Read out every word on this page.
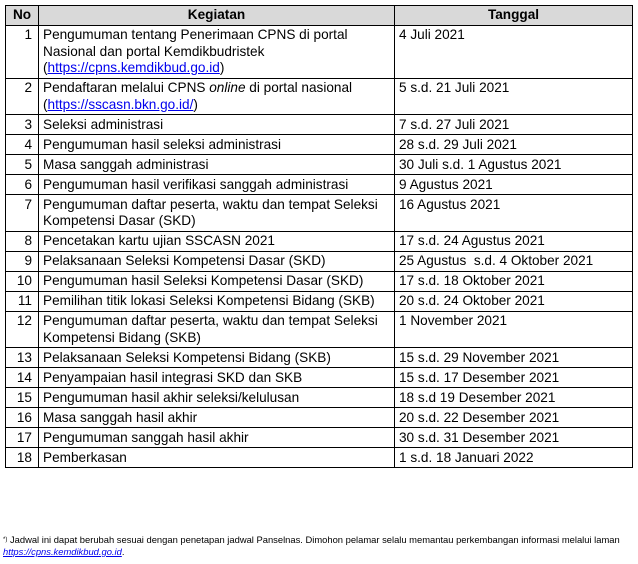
No	Kegiatan	Tanggal
1	Pengumuman tentang Penerimaan CPNS di portal Nasional dan portal Kemdikbudristek (https://cpns.kemdikbud.go.id)	4 Juli 2021
2	Pendaftaran melalui CPNS online di portal nasional (https://sscasn.bkn.go.id/)	5 s.d. 21 Juli 2021
3	Seleksi administrasi	7 s.d. 27 Juli 2021
4	Pengumuman hasil seleksi administrasi	28 s.d. 29 Juli 2021
5	Masa sanggah administrasi	30 Juli s.d. 1 Agustus 2021
6	Pengumuman hasil verifikasi sanggah administrasi	9 Agustus 2021
7	Pengumuman daftar peserta, waktu dan tempat Seleksi Kompetensi Dasar (SKD)	16 Agustus 2021
8	Pencetakan kartu ujian SSCASN 2021	17 s.d. 24 Agustus 2021
9	Pelaksanaan Seleksi Kompetensi Dasar (SKD)	25 Agustus  s.d. 4 Oktober 2021
10	Pengumuman hasil Seleksi Kompetensi Dasar (SKD)	17 s.d. 18 Oktober 2021
11	Pemilihan titik lokasi Seleksi Kompetensi Bidang (SKB)	20 s.d. 24 Oktober 2021
12	Pengumuman daftar peserta, waktu dan tempat Seleksi Kompetensi Bidang (SKB)	1 November 2021
13	Pelaksanaan Seleksi Kompetensi Bidang (SKB)	15 s.d. 29 November 2021
14	Penyampaian hasil integrasi SKD dan SKB	15 s.d. 17 Desember 2021
15	Pengumuman hasil akhir seleksi/kelulusan	18 s.d 19 Desember 2021
16	Masa sanggah hasil akhir	20 s.d. 22 Desember 2021
17	Pengumuman sanggah hasil akhir	30 s.d. 31 Desember 2021
18	Pemberkasan	1 s.d. 18 Januari 2022
*) Jadwal ini dapat berubah sesuai dengan penetapan jadwal Panselnas. Dimohon pelamar selalu memantau perkembangan informasi melalui laman https://cpns.kemdikbud.go.id.
